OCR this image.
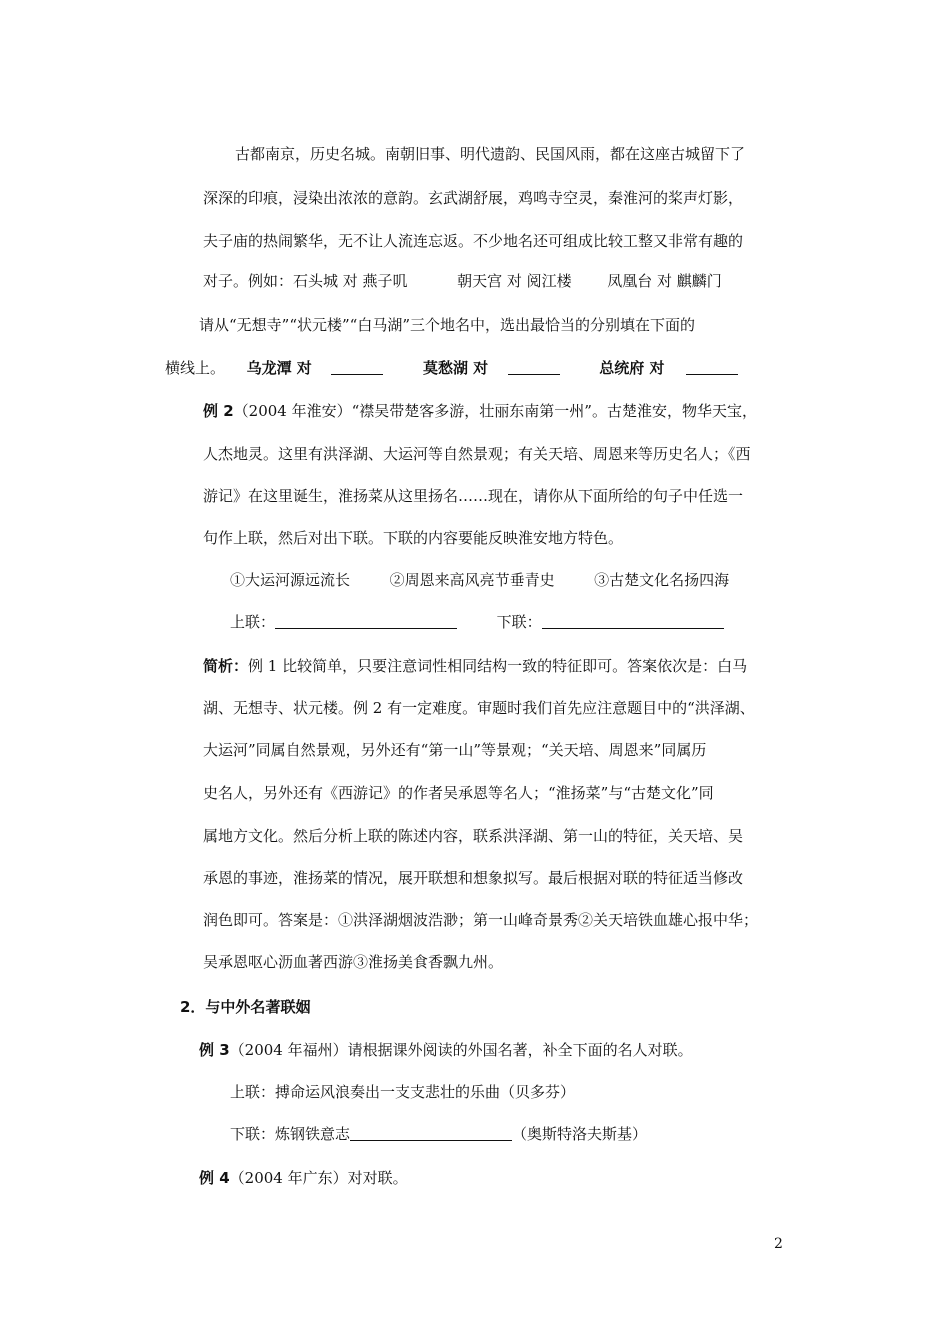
古都南京，历史名城。南朝旧事、明代遗韵、民国风雨，都在这座古城留下了
深深的印痕，浸染出浓浓的意韵。玄武湖舒展，鸡鸣寺空灵，秦淮河的桨声灯影，
夫子庙的热闹繁华，无不让人流连忘返。不少地名还可组成比较工整又非常有趣的
对子。例如：石头城 对 燕子叽	朝天宫 对 阅江楼 凤凰台 对 麒麟门
请从“无想寺”“状元楼”“白马湖”三个地名中，选出最恰当的分别填在下面的
横线上。 乌龙潭 对	莫愁湖 对	总统府 对
例 2（2004 年淮安）“襟吴带楚客多游，壮丽东南第一州”。古楚淮安，物华天宝，
人杰地灵。这里有洪泽湖、大运河等自然景观；有关天培、周恩来等历史名人；《西
游记》在这里诞生，淮扬菜从这里扬名……现在，请你从下面所给的句子中任选一
句作上联，然后对出下联。下联的内容要能反映淮安地方特色。
①大运河源远流长	②周恩来高风亮节垂青史	③古楚文化名扬四海
上联：	下联：
简析：例 1 比较简单，只要注意词性相同结构一致的特征即可。答案依次是：白马
湖、无想寺、状元楼。例 2 有一定难度。审题时我们首先应注意题目中的“洪泽湖、
大运河”同属自然景观，另外还有“第一山”等景观；“关天培、周恩来”同属历
史名人，另外还有《西游记》的作者吴承恩等名人；“淮扬菜”与“古楚文化”同
属地方文化。然后分析上联的陈述内容，联系洪泽湖、第一山的特征，关天培、吴
承恩的事迹，淮扬菜的情况，展开联想和想象拟写。最后根据对联的特征适当修改
润色即可。答案是：①洪泽湖烟波浩渺；第一山峰奇景秀②关天培铁血雄心报中华；
吴承恩呕心沥血著西游③淮扬美食香飘九州。
2．与中外名著联姻
例 3（2004 年福州）请根据课外阅读的外国名著，补全下面的名人对联。
上联：搏命运风浪奏出一支支悲壮的乐曲（贝多芬）
下联：炼钢铁意志	（奥斯特洛夫斯基）
例 4（2004 年广东）对对联。
2
